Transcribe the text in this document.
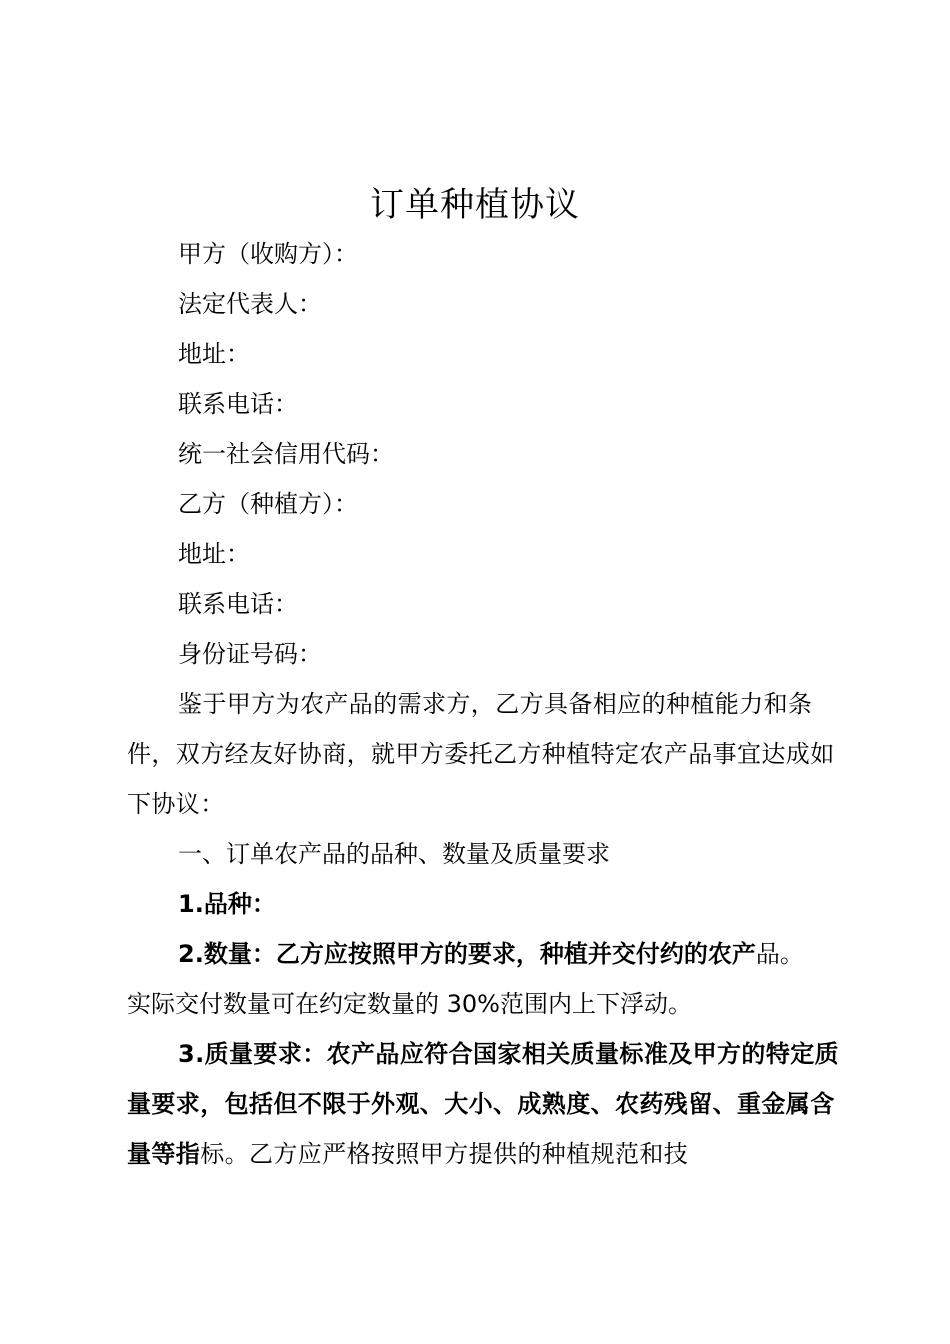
订单种植协议
甲方（收购方）：
法定代表人：
地址：
联系电话：
统一社会信用代码：
乙方（种植方）：
地址：
联系电话：
身份证号码：
鉴于甲方为农产品的需求方，乙方具备相应的种植能力和条件，双方经友好协商，就甲方委托乙方种植特定农产品事宜达成如下协议：
一、订单农产品的品种、数量及质量要求
1.品种：
2.数量：乙方应按照甲方的要求，种植并交付约的农产品。
实际交付数量可在约定数量的 30%范围内上下浮动。
3.质量要求：农产品应符合国家相关质量标准及甲方的特定质量要求，包括但不限于外观、大小、成熟度、农药残留、重金属含量等指标。乙方应严格按照甲方提供的种植规范和技
